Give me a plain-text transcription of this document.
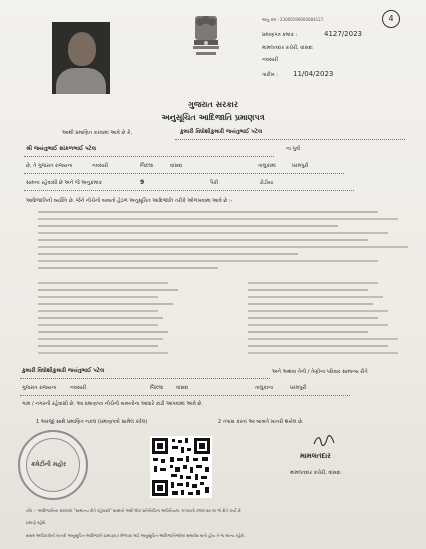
4
અનુ ક્રમ : 23000196000084127
પ્રમાણપત્ર ક્રમાંક :	4127/2023
મામલતદાર કચેરી, વાંસદા
નવસારી
તારીખ : 11/04/2023
ગુજરાત સરકાર
અનુસૂચિત આદિજાતિ પ્રમાણપત્ર
આથી પ્રમાણિત કરવામાં આવે છે કે,	કુમારી વિધોશીકુમારી જયંતુભાઈ પટેલ
શ્રી જયંતુભાઈ સાંકળભાઈ પટેલ	ના પુત્રી
છે, તે ગુજરાત રાજ્યના	નવસારી	જિલ્લા	વાંસદા	તાલુકામાં	ધરમપુરી
સામના રહેવાસી છે અને જે અનુક્રમાંક	9	પૈકી	ઢોડીયા
આદિજાતિની વ્યક્તિ છે. જેને નીચેની બાબતો હેઠળ અનુસૂચિત આદિજાતિ તરીકે ઓળખવામાં આવે છે :-
કુમારી વિધોશીકુમારી જયંતુભાઈ પટેલ	અને અથવા તેની / તેણીના પરિવાર સામાન્ય રીતે
ગુજરાત રાજ્યના	નવસારી	જિલ્લા	વાંસદા	તાલુકાના	ધરમપુરી
ગામ / નગરની રહેવાસી છે. આ પ્રમાણપત્ર નીચેની બાબતોના આધારે કાઢી આપવામાં આવે છે.
1 અરજી સાથે પ્રમાણિત નકલ (પ્રમાણપત્રો સામેલ કરેલ)	2 તપાસ કરતાં આ બાબતે ખાતરી થયેલ છે.
ક્રમેટીની મહોર
મામલતદાર
મામલતદાર કચેરી, વાંસદા
નોંધ :- આદિજાતિના સંબંધમાં "સામાન્ય રીતે રહેવાસી" શબ્દનો અર્થ લોક-પ્રતિનિધિત્વ અધિનિયમ, ૧૯૫૦ની કલમ ૨૦ માં જે રીતે કર્યો છે
પ્રમાણે રહેશે.
સક્ષમ અધિકારીની ખાતરી અનુસૂચિત આદિજાતિ પ્રમાણપત્ર મેળવવા માટે અનુસૂચિત આદિજાતિઓમાં સમાવેશ થતો હોય તે જ માન્ય રહેશે.
